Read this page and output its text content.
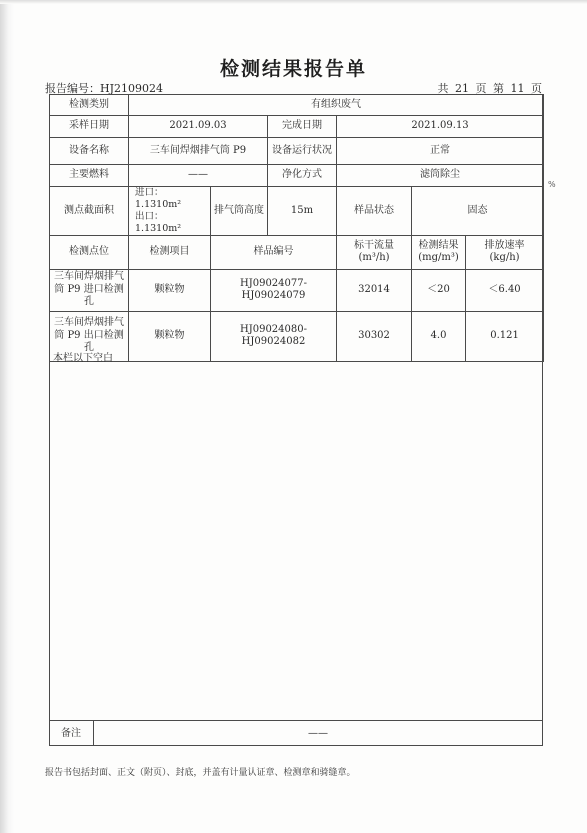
检测结果报告单
报告编号：HJ2109024	共 21 页 第 11 页
%
检测类别	有组织废气					
采样日期	2021.09.03		完成日期	2021.09.13		
设备名称	三车间焊烟排气筒 P9		设备运行状况	正常		
主要燃料	——		净化方式	滤筒除尘		
测点截面积	进口：1.1310m²
出口：1.1310m²	排气筒高度	15m	样品状态	固态	
检测点位	检测项目	样品编号		标干流量 (m³/h)	检测结果 (mg/m³)	排放速率 (kg/h)
三车间焊烟排气筒 P9 进口检测孔	颗粒物	HJ09024077-HJ09024079		32014	＜20	＜6.40
三车间焊烟排气筒 P9 出口检测孔	颗粒物	HJ09024080-HJ09024082		30302	4.0	0.121
本栏以下空白
备注	——
报告书包括封面、正文（附页）、封底，并盖有计量认证章、检测章和骑缝章。
